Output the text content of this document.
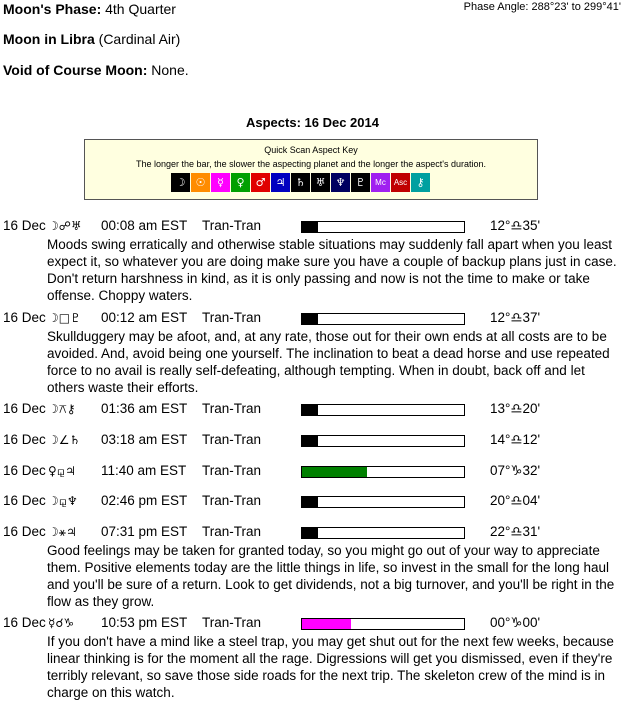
Moon's Phase: 4th Quarter	Phase Angle: 288°23' to 299°41'
Moon in Libra (Cardinal Air)
Void of Course Moon: None.
Aspects: 16 Dec 2014
Quick Scan Aspect Key
The longer the bar, the slower the aspecting planet and the longer the aspect's duration.
☽ ☉	☿	♀	♂ ♃ ♄ ♅ ♆ ♇	Mc	Asc ⚷
16 Dec ☽☍♅ 00:08 am EST Tran-Tran	12°♎35'

Moods swing erratically and otherwise stable situations may suddenly fall apart when you least expect it, so whatever you are doing make sure you have a couple of backup plans just in case. Don't return harshness in kind, as it is only passing and now is not the time to make or take offense. Choppy waters.

16 Dec ☽□♇ 00:12 am EST Tran-Tran	12°♎37'

Skullduggery may be afoot, and, at any rate, those out for their own ends at all costs are to be avoided. And, avoid being one yourself. The inclination to beat a dead horse and use repeated force to no avail is really self-defeating, although tempting. When in doubt, back off and let others waste their efforts.

16 Dec ☽⚻⚷ 01:36 am EST Tran-Tran	13°♎20'
16 Dec ☽∠♄ 03:18 am EST Tran-Tran	14°♎12'
16 Dec ♀⚼♃ 11:40 am EST Tran-Tran	07°♑32'
16 Dec ☽⚼♆ 02:46 pm EST Tran-Tran	20°♎04'
16 Dec ☽⚹♃ 07:31 pm EST Tran-Tran	22°♎31'

Good feelings may be taken for granted today, so you might go out of your way to appreciate them. Positive elements today are the little things in life, so invest in the small for the long haul and you'll be sure of a return. Look to get dividends, not a big turnover, and you'll be right in the flow as they grow.

16 Dec ☿☌♑ 10:53 pm EST Tran-Tran	00°♑00'

If you don't have a mind like a steel trap, you may get shut out for the next few weeks, because linear thinking is for the moment all the rage. Digressions will get you dismissed, even if they're terribly relevant, so save those side roads for the next trip. The skeleton crew of the mind is in charge on this watch.
